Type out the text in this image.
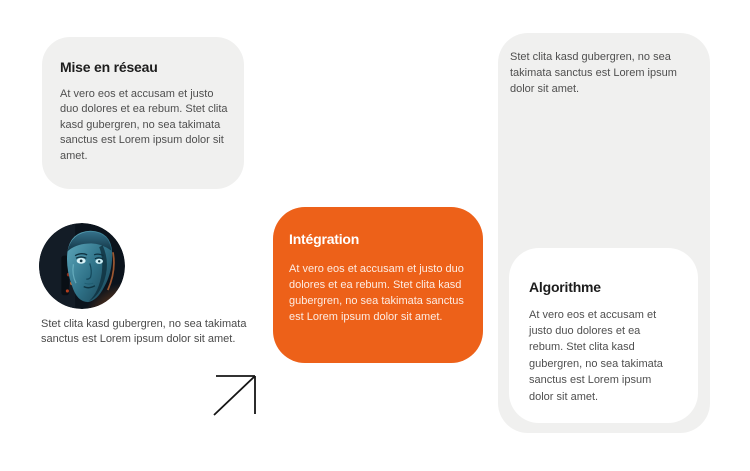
Mise en réseau

At vero eos et accusam et justo duo dolores et ea rebum. Stet clita kasd gubergren, no sea takimata sanctus est Lorem ipsum dolor sit amet.

Stet clita kasd gubergren, no sea takimata sanctus est Lorem ipsum dolor sit amet.

Intégration

At vero eos et accusam et justo duo dolores et ea rebum. Stet clita kasd gubergren, no sea takimata sanctus est Lorem ipsum dolor sit amet.

Algorithme

At vero eos et accusam et justo duo dolores et ea rebum. Stet clita kasd gubergren, no sea takimata sanctus est Lorem ipsum dolor sit amet.

Stet clita kasd gubergren, no sea takimata sanctus est Lorem ipsum dolor sit amet.
